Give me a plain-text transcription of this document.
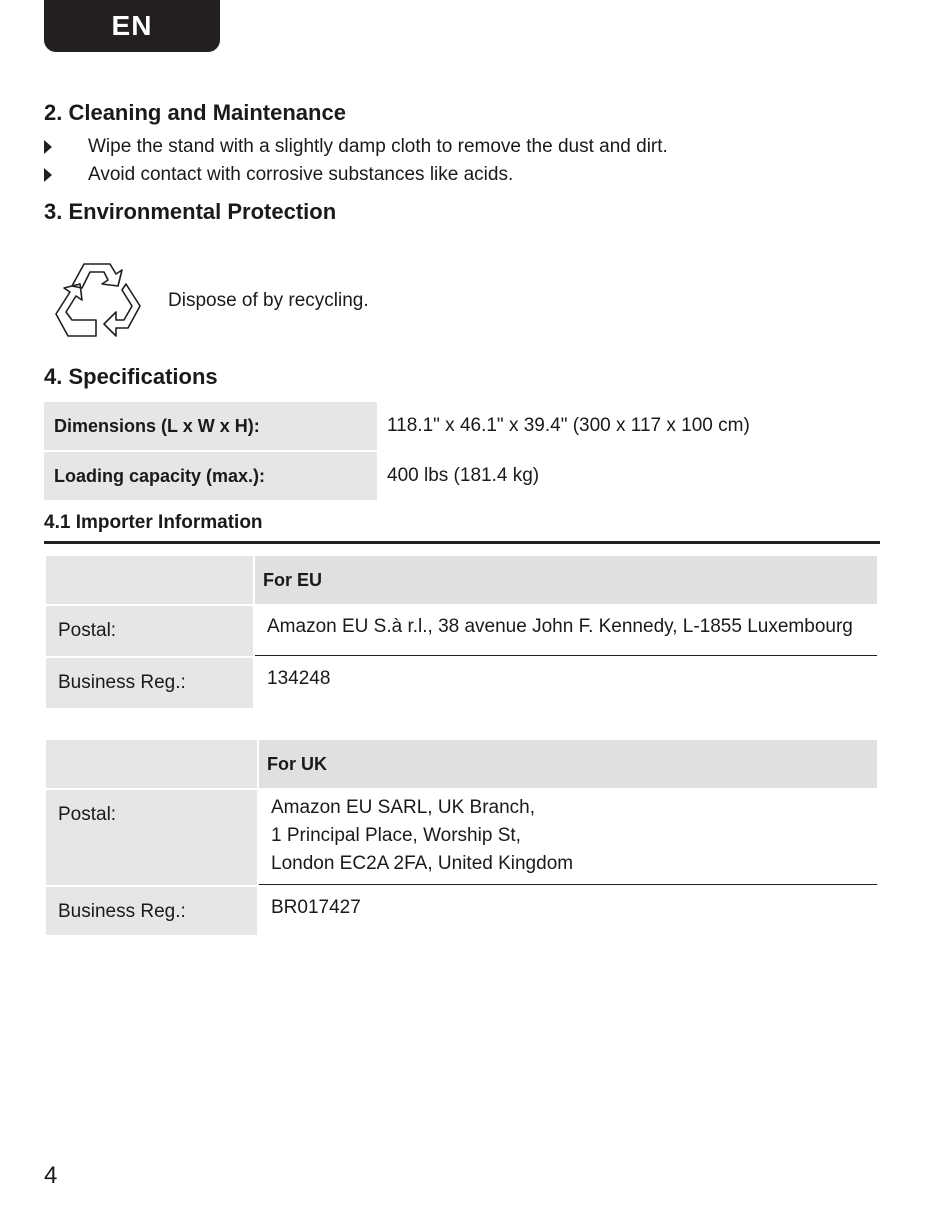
EN
2. Cleaning and Maintenance
Wipe the stand with a slightly damp cloth to remove the dust and dirt.
Avoid contact with corrosive substances like acids.
3. Environmental Protection
Dispose of by recycling.
4. Specifications
Dimensions (L x W x H):	118.1" x 46.1" x 39.4" (300 x 117 x 100 cm)
Loading capacity (max.):	400 lbs (181.4 kg)
4.1 Importer Information
	For EU

Postal:	Amazon EU S.à r.l., 38 avenue John F. Kennedy, L-1855 Luxembourg

Business Reg.:	134248
	For UK

Postal:	Amazon EU SARL, UK Branch,
1 Principal Place, Worship St,
London EC2A 2FA, United Kingdom

Business Reg.:	BR017427
4
